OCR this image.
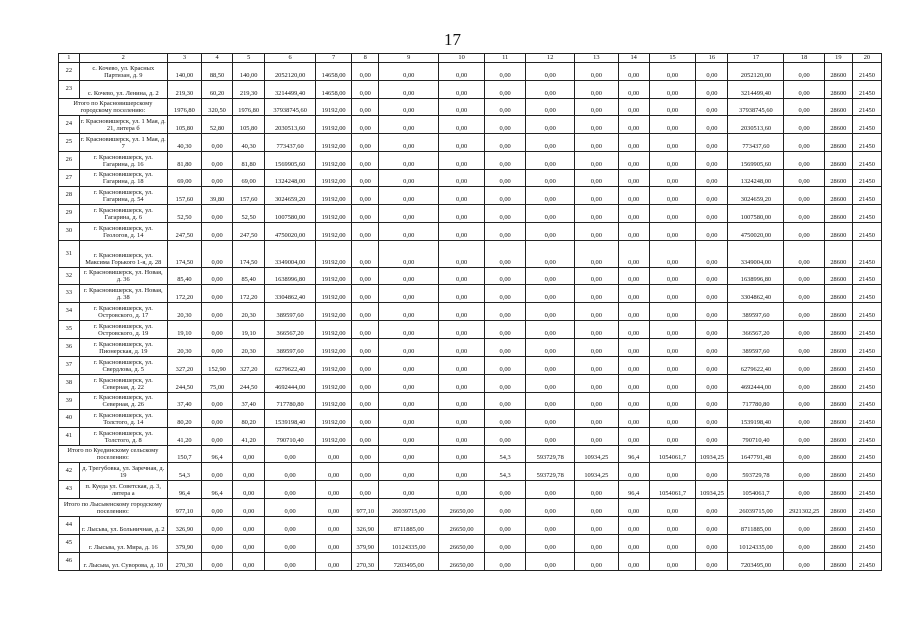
17
1	2	3	4	5	6	7	8	9	10	11	12	13	14	15	16	17	18	19	20
22	с. Кочево, ул. Красных Партизан, д. 9	140,00	88,50	140,00	2052120,00	14658,00	0,00	0,00	0,00	0,00	0,00	0,00	0,00	0,00	0,00	2052120,00	0,00	28600	21450
23	с. Кочево, ул. Ленина, д. 2	219,30	60,20	219,30	3214499,40	14658,00	0,00	0,00	0,00	0,00	0,00	0,00	0,00	0,00	0,00	3214499,40	0,00	28600	21450
Итого по Красновишерскому городскому поселению:		1976,80	320,50	1976,80	37938745,60	19192,00	0,00	0,00	0,00	0,00	0,00	0,00	0,00	0,00	0,00	37938745,60	0,00	28600	21450
24	г. Красновишерск, ул. 1 Мая, д. 21, литера б	105,80	52,80	105,80	2030513,60	19192,00	0,00	0,00	0,00	0,00	0,00	0,00	0,00	0,00	0,00	2030513,60	0,00	28600	21450
25	г. Красновишерск, ул. 1 Мая, д. 7	40,30	0,00	40,30	773437,60	19192,00	0,00	0,00	0,00	0,00	0,00	0,00	0,00	0,00	0,00	773437,60	0,00	28600	21450
26	г. Красновишерск, ул. Гагарина, д. 16	81,80	0,00	81,80	1569905,60	19192,00	0,00	0,00	0,00	0,00	0,00	0,00	0,00	0,00	0,00	1569905,60	0,00	28600	21450
27	г. Красновишерск, ул. Гагарина, д. 18	69,00	0,00	69,00	1324248,00	19192,00	0,00	0,00	0,00	0,00	0,00	0,00	0,00	0,00	0,00	1324248,00	0,00	28600	21450
28	г. Красновишерск, ул. Гагарина, д. 54	157,60	39,80	157,60	3024659,20	19192,00	0,00	0,00	0,00	0,00	0,00	0,00	0,00	0,00	0,00	3024659,20	0,00	28600	21450
29	г. Красновишерск, ул. Гагарина, д. 6	52,50	0,00	52,50	1007580,00	19192,00	0,00	0,00	0,00	0,00	0,00	0,00	0,00	0,00	0,00	1007580,00	0,00	28600	21450
30	г. Красновишерск, ул. Геологов, д. 14	247,50	0,00	247,50	4750020,00	19192,00	0,00	0,00	0,00	0,00	0,00	0,00	0,00	0,00	0,00	4750020,00	0,00	28600	21450
31	г. Красновишерск, ул. Максима Горького 1-я, д. 28	174,50	0,00	174,50	3349004,00	19192,00	0,00	0,00	0,00	0,00	0,00	0,00	0,00	0,00	0,00	3349004,00	0,00	28600	21450
32	г. Красновишерск, ул. Новая, д. 36	85,40	0,00	85,40	1638996,80	19192,00	0,00	0,00	0,00	0,00	0,00	0,00	0,00	0,00	0,00	1638996,80	0,00	28600	21450
33	г. Красновишерск, ул. Новая, д. 38	172,20	0,00	172,20	3304862,40	19192,00	0,00	0,00	0,00	0,00	0,00	0,00	0,00	0,00	0,00	3304862,40	0,00	28600	21450
34	г. Красновишерск, ул. Островского, д. 17	20,30	0,00	20,30	389597,60	19192,00	0,00	0,00	0,00	0,00	0,00	0,00	0,00	0,00	0,00	389597,60	0,00	28600	21450
35	г. Красновишерск, ул. Островского, д. 19	19,10	0,00	19,10	366567,20	19192,00	0,00	0,00	0,00	0,00	0,00	0,00	0,00	0,00	0,00	366567,20	0,00	28600	21450
36	г. Красновишерск, ул. Пионерская, д. 19	20,30	0,00	20,30	389597,60	19192,00	0,00	0,00	0,00	0,00	0,00	0,00	0,00	0,00	0,00	389597,60	0,00	28600	21450
37	г. Красновишерск, ул. Свердлова, д. 5	327,20	152,90	327,20	6279622,40	19192,00	0,00	0,00	0,00	0,00	0,00	0,00	0,00	0,00	0,00	6279622,40	0,00	28600	21450
38	г. Красновишерск, ул. Северная, д. 22	244,50	75,00	244,50	4692444,00	19192,00	0,00	0,00	0,00	0,00	0,00	0,00	0,00	0,00	0,00	4692444,00	0,00	28600	21450
39	г. Красновишерск, ул. Северная, д. 26	37,40	0,00	37,40	717780,80	19192,00	0,00	0,00	0,00	0,00	0,00	0,00	0,00	0,00	0,00	717780,80	0,00	28600	21450
40	г. Красновишерск, ул. Толстого, д. 14	80,20	0,00	80,20	1539198,40	19192,00	0,00	0,00	0,00	0,00	0,00	0,00	0,00	0,00	0,00	1539198,40	0,00	28600	21450
41	г. Красновишерск, ул. Толстого, д. 8	41,20	0,00	41,20	790710,40	19192,00	0,00	0,00	0,00	0,00	0,00	0,00	0,00	0,00	0,00	790710,40	0,00	28600	21450
Итого по Куединскому сельскому поселению:		150,7	96,4	0,00	0,00	0,00	0,00	0,00	0,00	54,3	593729,78	10934,25	96,4	1054061,7	10934,25	1647791,48	0,00	28600	21450
42	д. Трегубовка, ул. Заречная, д. 19	54,3	0,00	0,00	0,00	0,00	0,00	0,00	0,00	54,3	593729,78	10934,25	0,00	0,00	0,00	593729,78	0,00	28600	21450
43	п. Куеда ул. Советская, д. 3, литера а	96,4	96,4	0,00	0,00	0,00	0,00	0,00	0,00	0,00	0,00	0,00	96,4	1054061,7	10934,25	1054061,7	0,00	28600	21450
Итого по Лысьвенскому городскому поселению:		977,10	0,00	0,00	0,00	0,00	977,10	26039715,00	26650,00	0,00	0,00	0,00	0,00	0,00	0,00	26039715,00	2921302,25	28600	21450
44	г. Лысьва, ул. Больничная, д. 2	326,90	0,00	0,00	0,00	0,00	326,90	8711885,00	26650,00	0,00	0,00	0,00	0,00	0,00	0,00	8711885,00	0,00	28600	21450
45	г. Лысьва, ул. Мира, д. 16	379,90	0,00	0,00	0,00	0,00	379,90	10124335,00	26650,00	0,00	0,00	0,00	0,00	0,00	0,00	10124335,00	0,00	28600	21450
46	г. Лысьва, ул. Суворова, д. 10	270,30	0,00	0,00	0,00	0,00	270,30	7203495,00	26650,00	0,00	0,00	0,00	0,00	0,00	0,00	7203495,00	0,00	28600	21450
